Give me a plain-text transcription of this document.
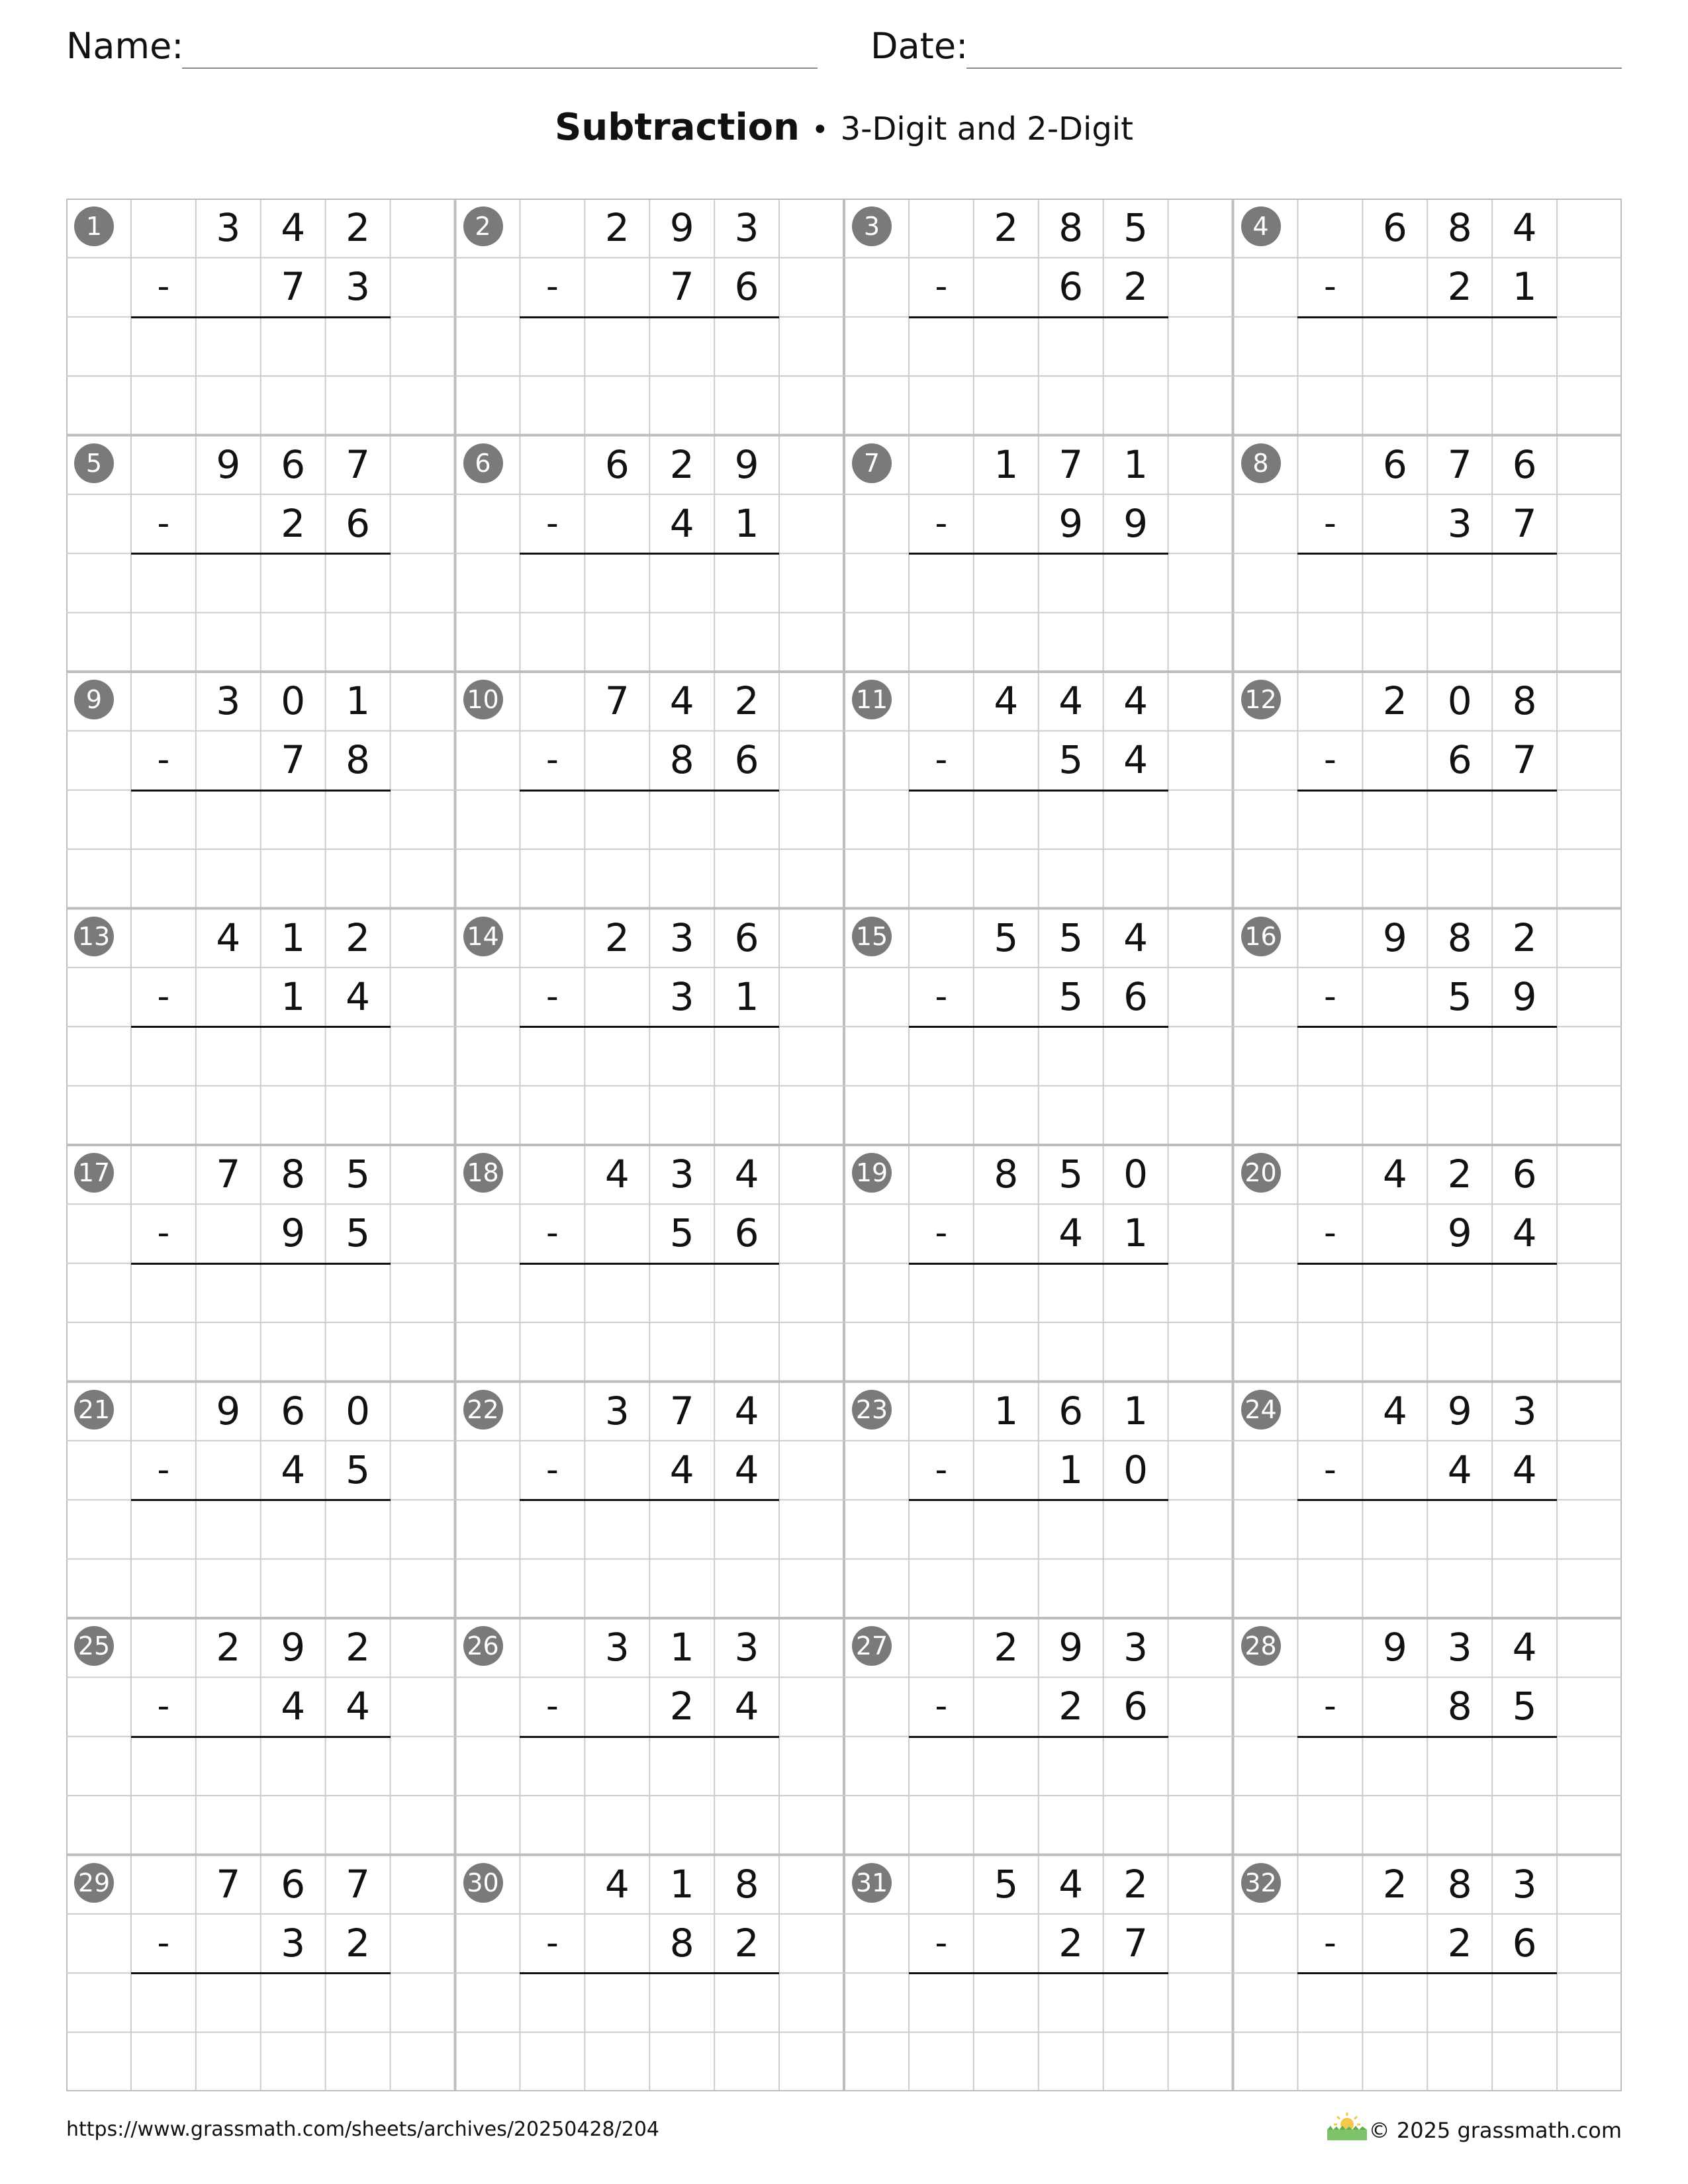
Name:	Date:
Subtraction • 3-Digit and 2-Digit
1	3	4	2
-	7	3
2	2	9	3
-	7	6
3	2	8	5
-	6	2
4	6	8	4
-	2	1
5	9	6	7
-	2	6
6	6	2	9
-	4	1
7	1	7	1
-	9	9
8	6	7	6
-	3	7
9	3	0	1
-	7	8
10	7	4	2
-	8	6
11	4	4	4
-	5	4
12	2	0	8
-	6	7
13	4	1	2
-	1	4
14	2	3	6
-	3	1
15	5	5	4
-	5	6
16	9	8	2
-	5	9
17	7	8	5
-	9	5
18	4	3	4
-	5	6
19	8	5	0
-	4	1
20	4	2	6
-	9	4
21	9	6	0
-	4	5
22	3	7	4
-	4	4
23	1	6	1
-	1	0
24	4	9	3
-	4	4
25	2	9	2
-	4	4
26	3	1	3
-	2	4
27	2	9	3
-	2	6
28	9	3	4
-	8	5
29	7	6	7
-	3	2
30	4	1	8
-	8	2
31	5	4	2
-	2	7
32	2	8	3
-	2	6
https://www.grassmath.com/sheets/archives/20250428/204	© 2025 grassmath.com
